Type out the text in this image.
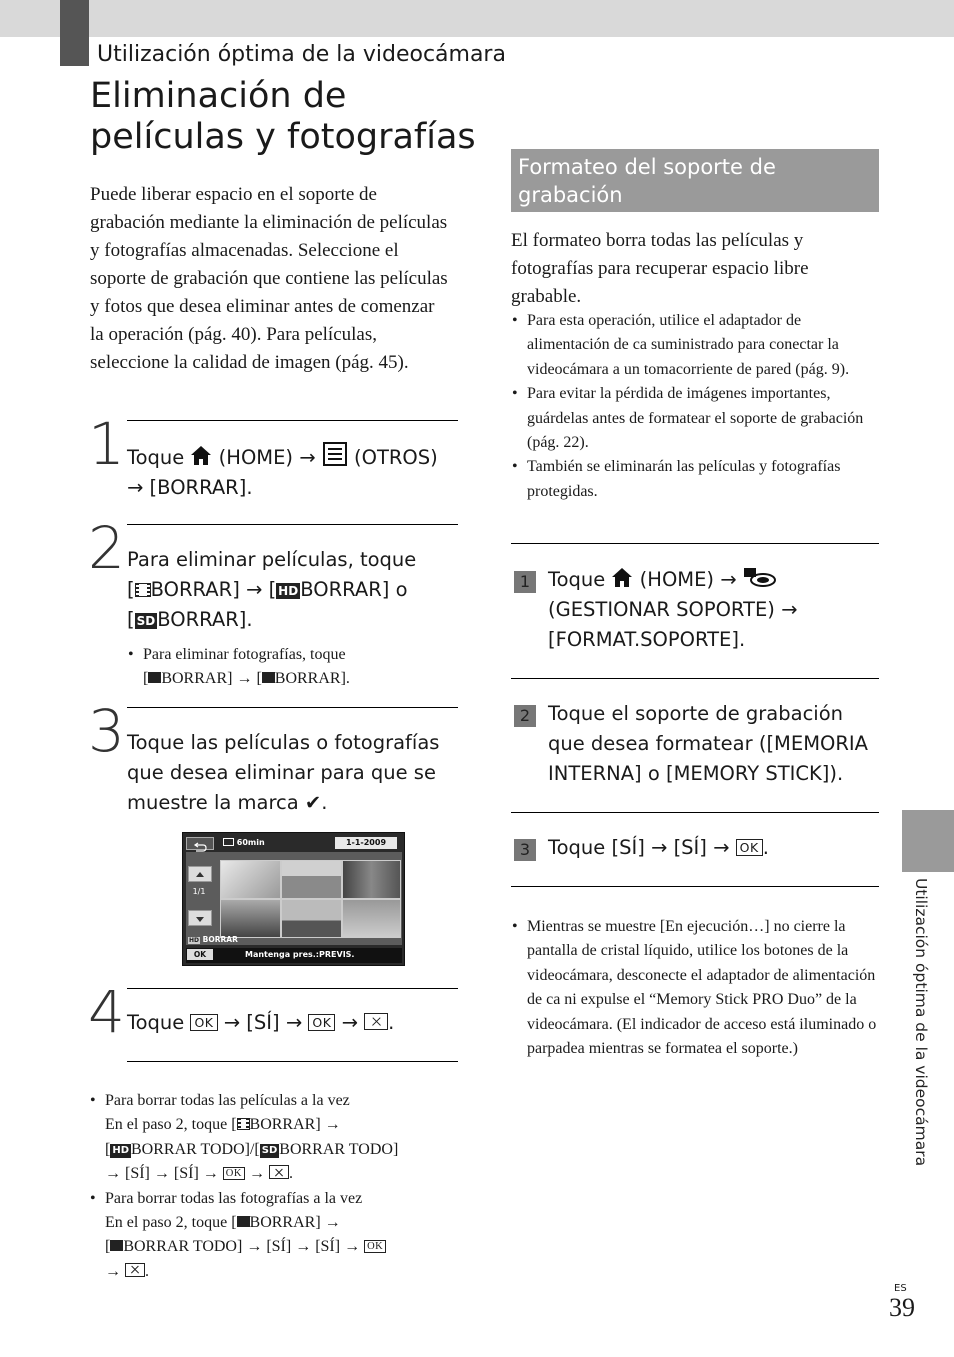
Utilización óptima de la videocámara
Eliminación de películas y fotografías
Puede liberar espacio en el soporte de grabación mediante la eliminación de películas y fotografías almacenadas. Seleccione el soporte de grabación que contiene las películas y fotos que desea eliminar antes de comenzar la operación (pág. 40). Para películas, seleccione la calidad de imagen (pág. 45).
1 Toque (HOME) → (OTROS)
→ [BORRAR].
2 Para eliminar películas, toque
[ BORRAR] → [ HD BORRAR] o
[ SD BORRAR].
• Para eliminar fotografías, toque
[ BORRAR] → [ BORRAR].
3 Toque las películas o fotografías que desea eliminar para que se muestre la marca ✔.
60min	1-1-2009
1/1
HD BORRAR
OK	Mantenga pres.:PREVIS.
4 Toque OK → [SÍ] → OK → .
• Para borrar todas las películas a la vez
En el paso 2, toque [ BORRAR] →
[ HD BORRAR TODO]/[ SD BORRAR TODO]
→ [SÍ] → [SÍ] → OK → .
• Para borrar todas las fotografías a la vez
En el paso 2, toque [ BORRAR] →
[ BORRAR TODO] → [SÍ] → [SÍ] → OK
→ .
Formateo del soporte de grabación
El formateo borra todas las películas y fotografías para recuperar espacio libre grabable.
• Para esta operación, utilice el adaptador de alimentación de ca suministrado para conectar la videocámara a un tomacorriente de pared (pág. 9).
• Para evitar la pérdida de imágenes importantes, guárdelas antes de formatear el soporte de grabación (pág. 22).
• También se eliminarán las películas y fotografías protegidas.
1 Toque (HOME) →
(GESTIONAR SOPORTE) →
[FORMAT.SOPORTE].
2 Toque el soporte de grabación que desea formatear ([MEMORIA INTERNA] o [MEMORY STICK]).
3 Toque [SÍ] → [SÍ] → OK .
• Mientras se muestre [En ejecución…] no cierre la pantalla de cristal líquido, utilice los botones de la videocámara, desconecte el adaptador de alimentación de ca ni expulse el “Memory Stick PRO Duo” de la videocámara. (El indicador de acceso está iluminado o parpadea mientras se formatea el soporte.)	Utilización óptima de la videocámara
ES
39
